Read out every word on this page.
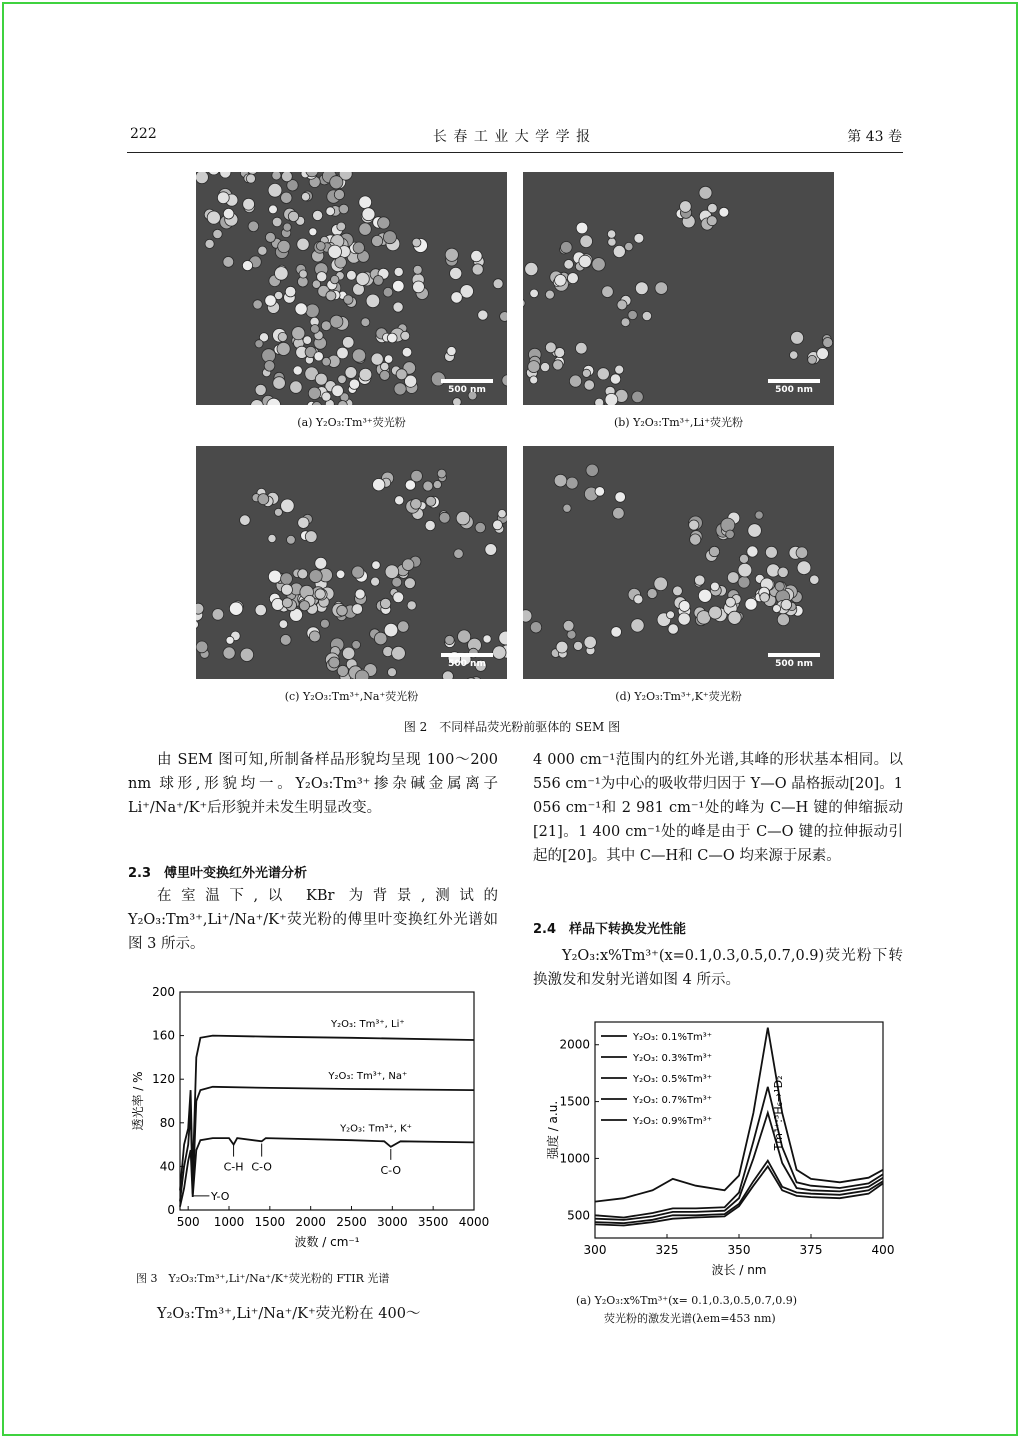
222	长 春 工 业 大 学 学 报	第 43 卷
500 nm	500 nm
(a) Y₂O₃:Tm³⁺荧光粉	(b) Y₂O₃:Tm³⁺,Li⁺荧光粉
500 nm	500 nm
(c) Y₂O₃:Tm³⁺,Na⁺荧光粉	(d) Y₂O₃:Tm³⁺,K⁺荧光粉
图 2　不同样品荧光粉前驱体的 SEM 图
由 SEM 图可知,所制备样品形貌均呈现 100～200 nm 球形,形貌均一。Y₂O₃:Tm³⁺掺杂碱金属离子 Li⁺/Na⁺/K⁺后形貌并未发生明显改变。
2.3　傅里叶变换红外光谱分析
在室温下,以 KBr 为背景,测试的 Y₂O₃:Tm³⁺,Li⁺/Na⁺/K⁺荧光粉的傅里叶变换红外光谱如图 3 所示。
500 1000 1500 2000 2500 3000 3500 4000
0
40
80
120
160
200
波数 / cm⁻¹
透光率 / %
Y₂O₃: Tm³⁺, Li⁺
Y₂O₃: Tm³⁺, Na⁺
Y₂O₃: Tm³⁺, K⁺
C-H C-O	C-O
Y-O
图 3　Y₂O₃:Tm³⁺,Li⁺/Na⁺/K⁺荧光粉的 FTIR 光谱
Y₂O₃:Tm³⁺,Li⁺/Na⁺/K⁺荧光粉在 400～
4 000 cm⁻¹范围内的红外光谱,其峰的形状基本相同。以 556 cm⁻¹为中心的吸收带归因于 Y—O 晶格振动[20]。1 056 cm⁻¹和 2 981 cm⁻¹处的峰为 C—H 键的伸缩振动[21]。1 400 cm⁻¹处的峰是由于 C—O 键的拉伸振动引起的[20]。其中 C—H和 C—O 均来源于尿素。
2.4　样品下转换发光性能
Y₂O₃:x%Tm³⁺(x=0.1,0.3,0.5,0.7,0.9)荧光粉下转换激发和发射光谱如图 4 所示。
300	325	350	375	400
500
1000
1500
2000
波长 / nm
强度 / a.u.
Y₂O₃: 0.1%Tm³⁺
Y₂O₃: 0.3%Tm³⁺
Y₂O₃: 0.5%Tm³⁺
Y₂O₃: 0.7%Tm³⁺
Y₂O₃: 0.9%Tm³⁺	Tm³⁺:³H₆→¹D₂
(a) Y₂O₃:x%Tm³⁺(x= 0.1,0.3,0.5,0.7,0.9)
荧光粉的激发光谱(λem=453 nm)
